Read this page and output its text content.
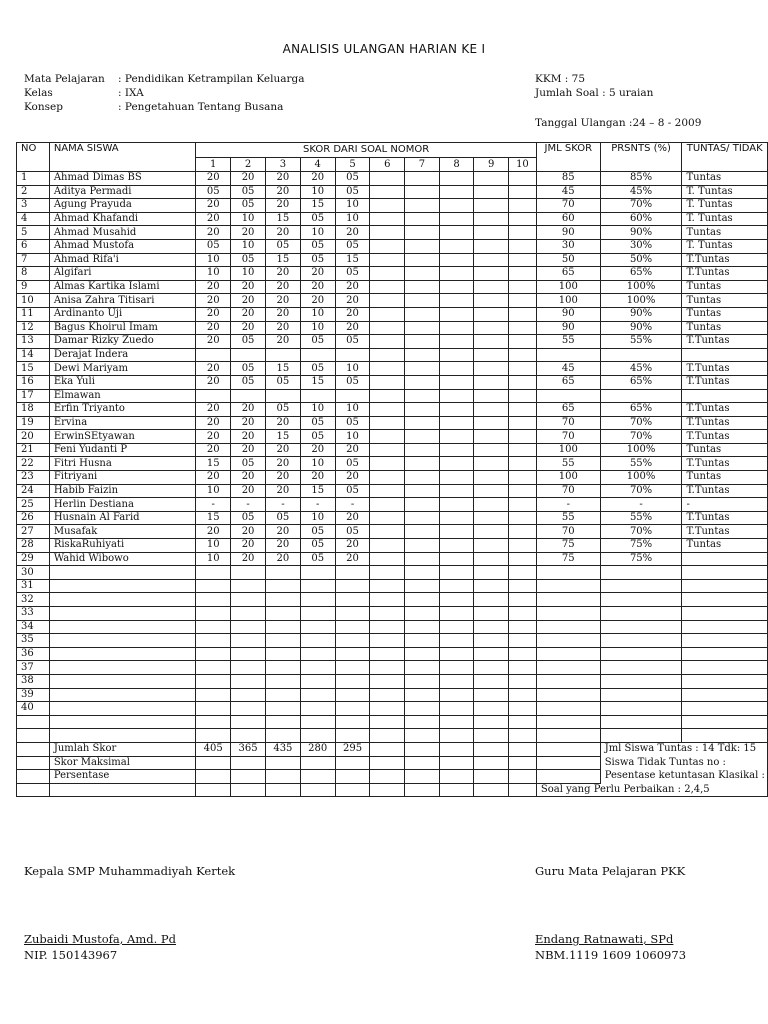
ANALISIS ULANGAN HARIAN KE I
Mata Pelajaran : Pendidikan Ketrampilan Keluarga
Kelas	: IXA
Konsep	: Pengetahuan Tentang Busana
KKM : 75
Jumlah Soal : 5 uraian
Tanggal Ulangan :24 – 8 - 2009
NO	NAMA SISWA	SKOR DARI SOAL NOMOR										JML SKOR	PRSNTS (%)	TUNTAS/ TIDAK
		1	2	3	4	5	6	7	8	9	10			
1	Ahmad Dimas BS	20	20	20	20	05						85	85%	Tuntas
2	Aditya Permadi	05	05	20	10	05						45	45%	T. Tuntas
3	Agung Prayuda	20	05	20	15	10						70	70%	T. Tuntas
4	Ahmad Khafandi	20	10	15	05	10						60	60%	T. Tuntas
5	Ahmad Musahid	20	20	20	10	20						90	90%	Tuntas
6	Ahmad Mustofa	05	10	05	05	05						30	30%	T. Tuntas
7	Ahmad Rifa'i	10	05	15	05	15						50	50%	T.Tuntas
8	Algifari	10	10	20	20	05						65	65%	T.Tuntas
9	Almas Kartika Islami	20	20	20	20	20						100	100%	Tuntas
10	Anisa Zahra Titisari	20	20	20	20	20						100	100%	Tuntas
11	Ardinanto Uji	20	20	20	10	20						90	90%	Tuntas
12	Bagus Khoirul Imam	20	20	20	10	20						90	90%	Tuntas
13	Damar Rizky Zuedo	20	05	20	05	05						55	55%	T.Tuntas
14	Derajat Indera													
15	Dewi Mariyam	20	05	15	05	10						45	45%	T.Tuntas
16	Eka Yuli	20	05	05	15	05						65	65%	T.Tuntas
17	Elmawan													
18	Erfin Triyanto	20	20	05	10	10						65	65%	T.Tuntas
19	Ervina	20	20	20	05	05						70	70%	T.Tuntas
20	ErwinSEtyawan	20	20	15	05	10						70	70%	T.Tuntas
21	Feni Yudanti P	20	20	20	20	20						100	100%	Tuntas
22	Fitri Husna	15	05	20	10	05						55	55%	T.Tuntas
23	Fitriyani	20	20	20	20	20						100	100%	Tuntas
24	Habib Faizin	10	20	20	15	05						70	70%	T.Tuntas
25	Herlin Destiana	-	-	-	-	-						-	-	-
26	Husnain Al Farid	15	05	05	10	20						55	55%	T.Tuntas
27	Musafak	20	20	20	05	05						70	70%	T.Tuntas
28	RiskaRuhiyati	10	20	20	05	20						75	75%	Tuntas
29	Wahid Wibowo	10	20	20	05	20						75	75%	
30														
31														
32														
33														
34														
35														
36														
37														
38														
39														
40														

	Jumlah Skor	405	365	435	280	295							Jml Siswa Tuntas : 14 Tdk: 15	
	Skor Maksimal												Siswa Tidak Tuntas no :	
	Persentase												Pesentase ketuntasan Klasikal :	
												Soal yang Perlu Perbaikan : 2,4,5		
Kepala SMP Muhammadiyah Kertek
Zubaidi Mustofa, Amd. Pd
NIP. 150143967
Guru Mata Pelajaran PKK
Endang Ratnawati, SPd
NBM.1119 1609 1060973
